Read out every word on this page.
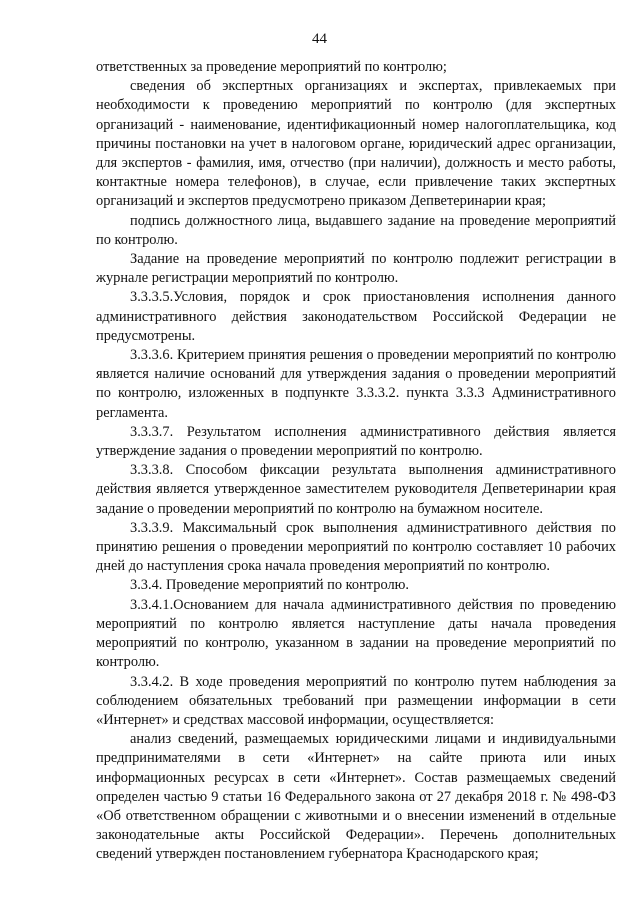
44

ответственных за проведение мероприятий по контролю;

сведения об экспертных организациях и экспертах, привлекаемых при необходимости к проведению мероприятий по контролю (для экспертных организаций - наименование, идентификационный номер налогоплательщика, код причины постановки на учет в налоговом органе, юридический адрес организации, для экспертов - фамилия, имя, отчество (при наличии), должность и место работы, контактные номера телефонов), в случае, если привлечение таких экспертных организаций и экспертов предусмотрено приказом Депветеринарии края;

подпись должностного лица, выдавшего задание на проведение мероприятий по контролю.

Задание на проведение мероприятий по контролю подлежит регистрации в журнале регистрации мероприятий по контролю.

3.3.3.5.Условия, порядок и срок приостановления исполнения данного административного действия законодательством Российской Федерации не предусмотрены.

3.3.3.6. Критерием принятия решения о проведении мероприятий по контролю является наличие оснований для утверждения задания о проведении мероприятий по контролю, изложенных в подпункте 3.3.3.2. пункта 3.3.3 Административного регламента.

3.3.3.7. Результатом исполнения административного действия является утверждение задания о проведении мероприятий по контролю.

3.3.3.8. Способом фиксации результата выполнения административного действия является утвержденное заместителем руководителя Депветеринарии края задание о проведении мероприятий по контролю на бумажном носителе.

3.3.3.9. Максимальный срок выполнения административного действия по принятию решения о проведении мероприятий по контролю составляет 10 рабочих дней до наступления срока начала проведения мероприятий по контролю.

3.3.4. Проведение мероприятий по контролю.

3.3.4.1.Основанием для начала административного действия по проведению мероприятий по контролю является наступление даты начала проведения мероприятий по контролю, указанном в задании на проведение мероприятий по контролю.

3.3.4.2. В ходе проведения мероприятий по контролю путем наблюдения за соблюдением обязательных требований при размещении информации в сети «Интернет» и средствах массовой информации, осуществляется:

анализ сведений, размещаемых юридическими лицами и индивидуальными предпринимателями в сети «Интернет» на сайте приюта или иных информационных ресурсах в сети «Интернет». Состав размещаемых сведений определен частью 9 статьи 16 Федерального закона от 27 декабря 2018 г. № 498-ФЗ «Об ответственном обращении с животными и о внесении изменений в отдельные законодательные акты Российской Федерации». Перечень дополнительных сведений утвержден постановлением губернатора Краснодарского края;
